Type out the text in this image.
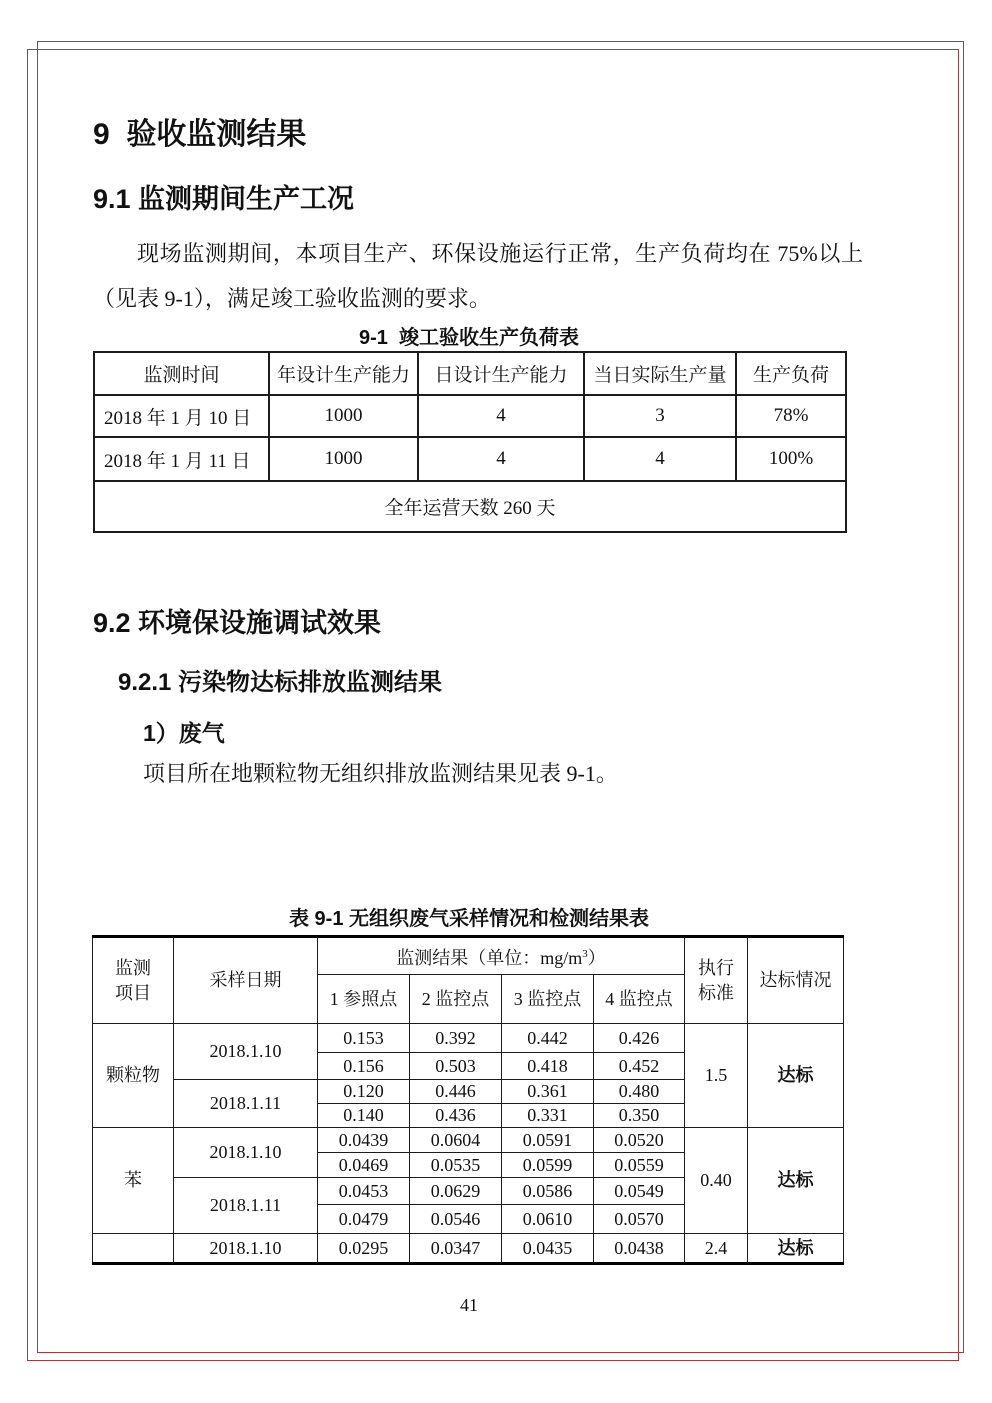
9  验收监测结果
9.1 监测期间生产工况
现场监测期间，本项目生产、环保设施运行正常，生产负荷均在 75%以上（见表 9-1），满足竣工验收监测的要求。
9-1  竣工验收生产负荷表
监测时间	年设计生产能力	日设计生产能力	当日实际生产量	生产负荷
2018 年 1 月 10 日	1000	4	3	78%
2018 年 1 月 11 日	1000	4	4	100%
全年运营天数 260 天				
9.2 环境保设施调试效果
9.2.1 污染物达标排放监测结果
1）废气
项目所在地颗粒物无组织排放监测结果见表 9-1。
表 9-1 无组织废气采样情况和检测结果表
监测项目	采样日期	监测结果（单位：$mg/m^3$）				执行标准	达标情况
		1 参照点	2 监控点	3 监控点	4 监控点		
颗粒物	2018.1.10	0.153	0.392	0.442	0.426	1.5	达标
		0.156	0.503	0.418	0.452		
	2018.1.11	0.120	0.446	0.361	0.480		
		0.140	0.436	0.331	0.350		
苯	2018.1.10	0.0439	0.0604	0.0591	0.0520	0.40	达标
		0.0469	0.0535	0.0599	0.0559		
	2018.1.11	0.0453	0.0629	0.0586	0.0549		
		0.0479	0.0546	0.0610	0.0570		
	2018.1.10	0.0295	0.0347	0.0435	0.0438	2.4	达标
41
